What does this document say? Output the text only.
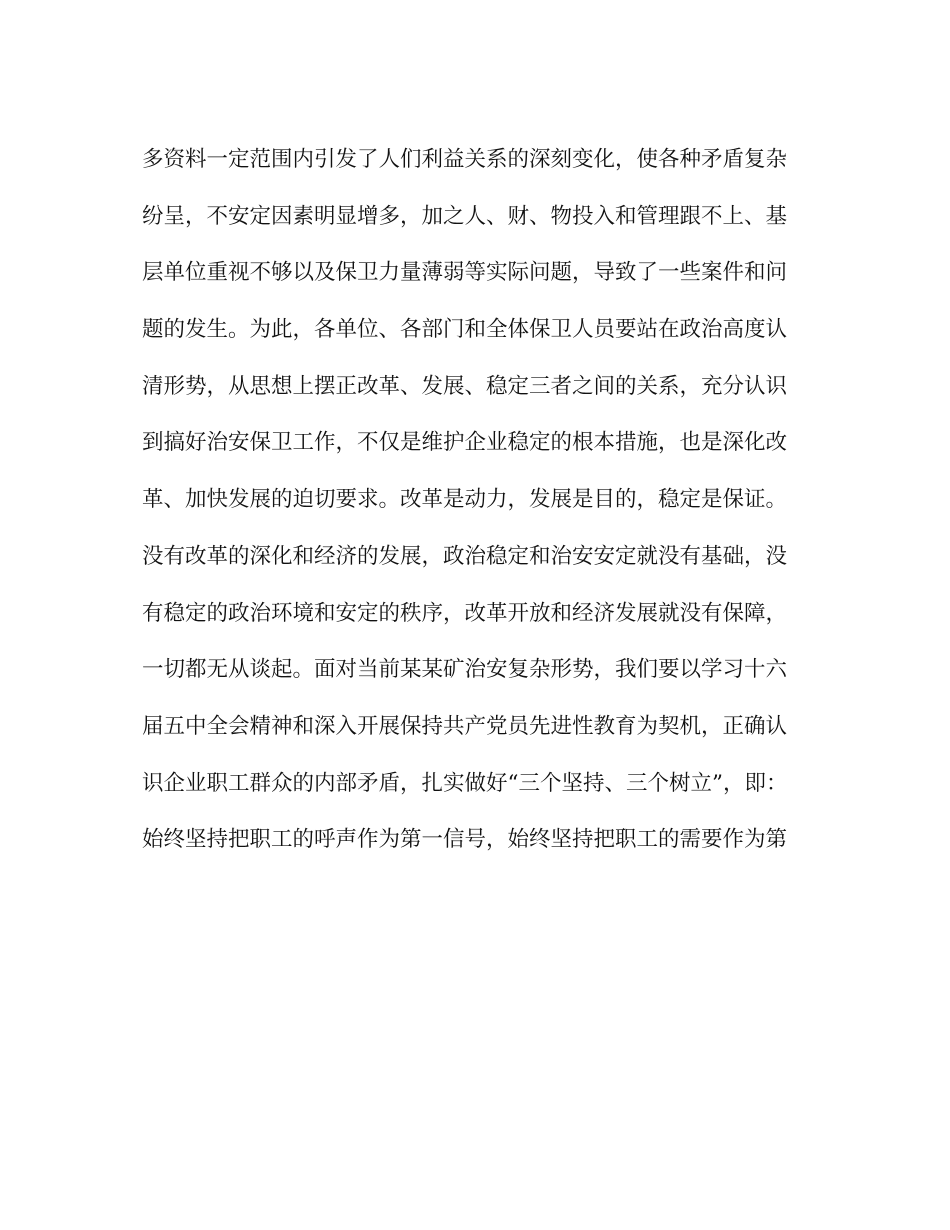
多资料一定范围内引发了人们利益关系的深刻变化，使各种矛盾复杂
纷呈，不安定因素明显增多，加之人、财、物投入和管理跟不上、基
层单位重视不够以及保卫力量薄弱等实际问题，导致了一些案件和问
题的发生。为此，各单位、各部门和全体保卫人员要站在政治高度认
清形势，从思想上摆正改革、发展、稳定三者之间的关系，充分认识
到搞好治安保卫工作，不仅是维护企业稳定的根本措施，也是深化改
革、加快发展的迫切要求。改革是动力，发展是目的，稳定是保证。
没有改革的深化和经济的发展，政治稳定和治安安定就没有基础，没
有稳定的政治环境和安定的秩序，改革开放和经济发展就没有保障，
一切都无从谈起。面对当前某某矿治安复杂形势，我们要以学习十六
届五中全会精神和深入开展保持共产党员先进性教育为契机，正确认
识企业职工群众的内部矛盾，扎实做好“三个坚持、三个树立”，即：
始终坚持把职工的呼声作为第一信号，始终坚持把职工的需要作为第
